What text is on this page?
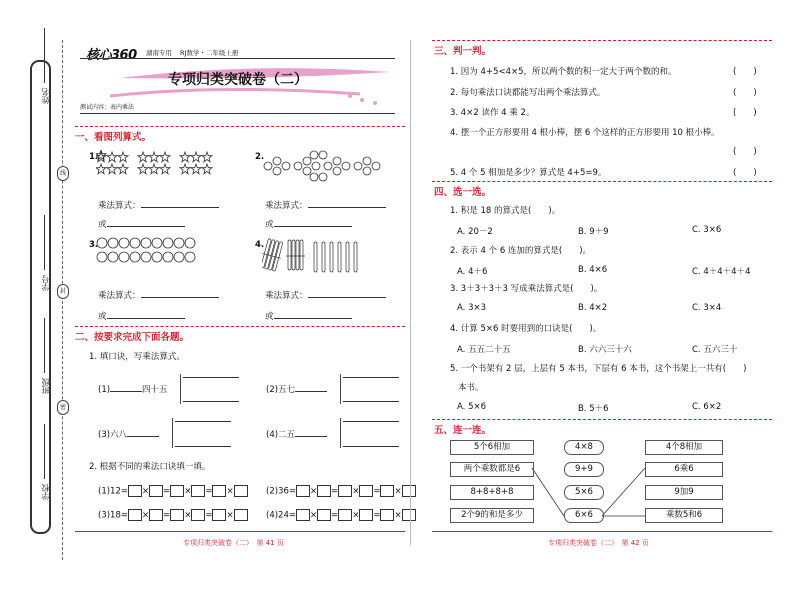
线
封
密
姓名
学号
班级
学校
核心360 湖南专用 RJ数学・二年级上册
专项归类突破卷（二）
测试内容：表内乘法
一、看图列算式。
1.	2.
乘法算式：	乘法算式：
或	或
3.	4.
乘法算式：	乘法算式：
或	或
二、按要求完成下面各题。
1. 填口诀，写乘法算式。
(1)	四十五	(2)五七
(3)六八	(4)二五
2. 根据不同的乘法口诀填一填。
(1)12= × = × = ×	(2)36= × = × = ×
(3)18= × = × = ×	(4)24= × = × = ×
专项归类突破卷（二）　第 41 页
三、判一判。
1. 因为 4+5<4×5，所以两个数的积一定大于两个数的和。	(　　)
2. 每句乘法口诀都能写出两个乘法算式。	(　　)
3. 4×2 读作 4 乘 2。	(　　)
4. 摆一个正方形要用 4 根小棒，摆 6 个这样的正方形要用 10 根小棒。
(　　)
5. 4 个 5 相加是多少？算式是 4+5=9。	(　　)
四、选一选。
1. 积是 18 的算式是(　　)。
A. 20－2	B. 9＋9	C. 3×6
2. 表示 4 个 6 连加的算式是(　　)。
A. 4＋6	B. 4×6	C. 4＋4＋4＋4
3. 3＋3＋3＋3 写成乘法算式是(　　)。
A. 3×3	B. 4×2	C. 3×4
4. 计算 5×6 时要用到的口诀是(　　)。
A. 五五二十五	B. 六六三十六	C. 五六三十
5. 一个书架有 2 层，上层有 5 本书，下层有 6 本书，这个书架上一共有(　　)
本书。
A. 5×6	B. 5＋6	C. 6×2
五、连一连。
5个6相加
两个乘数都是6
8+8+8+8
2个9的和是多少
4×8
9+9
5×6
6×6
4个8相加
6乘6
9加9
乘数5和6
专项归类突破卷（二）　第 42 页
